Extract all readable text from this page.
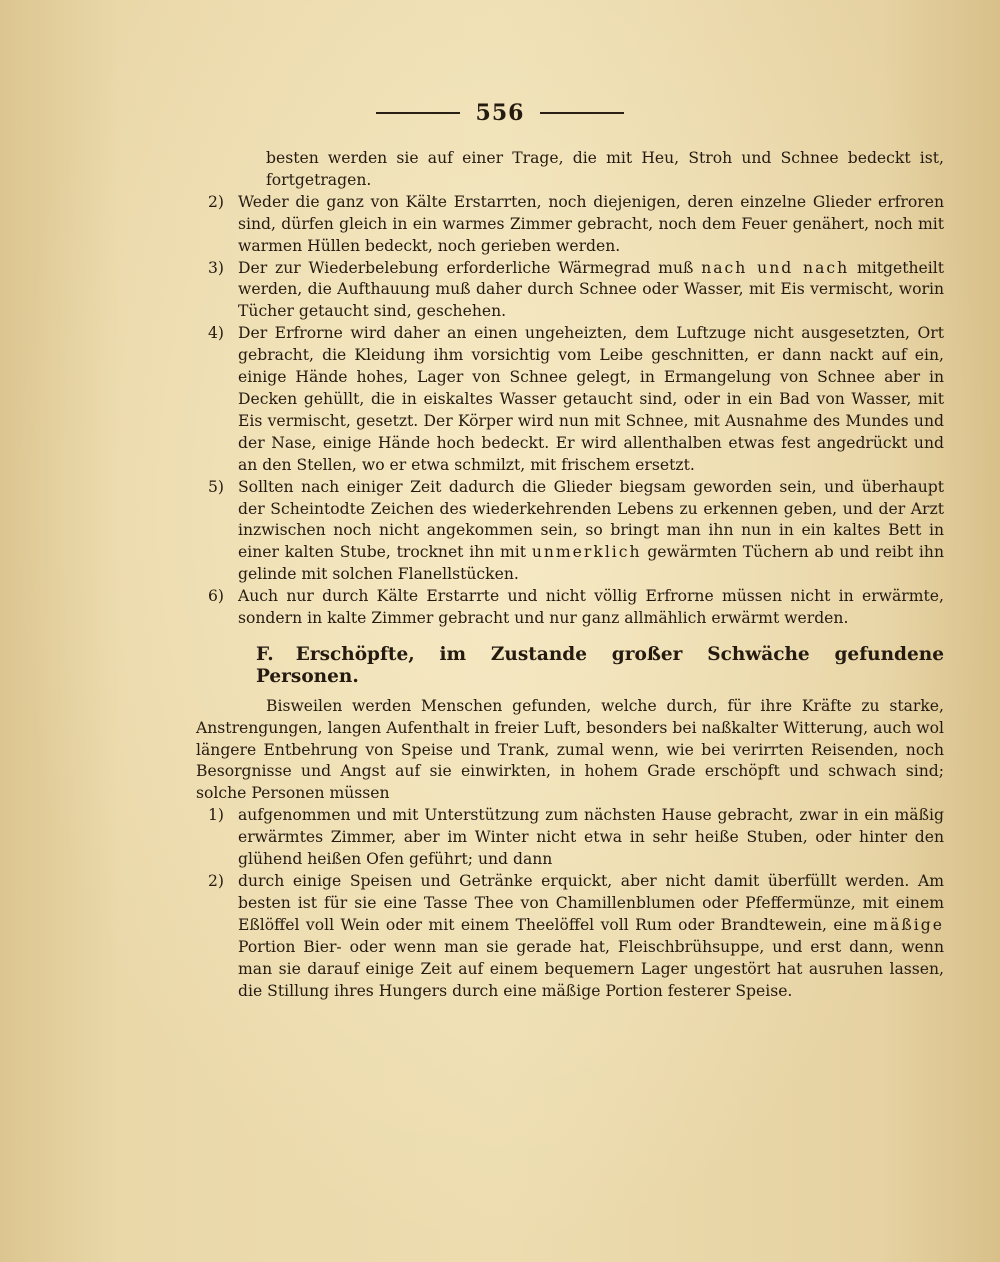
556

besten werden sie auf einer Trage, die mit Heu, Stroh und Schnee bedeckt ist, fortgetragen.

2) Weder die ganz von Kälte Erstarrten, noch diejenigen, deren einzelne Glieder erfroren sind, dürfen gleich in ein warmes Zimmer gebracht, noch dem Feuer genähert, noch mit warmen Hüllen bedeckt, noch gerieben werden.
3) Der zur Wiederbelebung erforderliche Wärmegrad muß nach und nach mitgetheilt werden, die Aufthauung muß daher durch Schnee oder Wasser, mit Eis vermischt, worin Tücher getaucht sind, geschehen.
4) Der Erfrorne wird daher an einen ungeheizten, dem Luftzuge nicht ausgesetzten, Ort gebracht, die Kleidung ihm vorsichtig vom Leibe geschnitten, er dann nackt auf ein, einige Hände hohes, Lager von Schnee gelegt, in Ermangelung von Schnee aber in Decken gehüllt, die in eiskaltes Wasser getaucht sind, oder in ein Bad von Wasser, mit Eis vermischt, gesetzt. Der Körper wird nun mit Schnee, mit Ausnahme des Mundes und der Nase, einige Hände hoch bedeckt. Er wird allenthalben etwas fest angedrückt und an den Stellen, wo er etwa schmilzt, mit frischem ersetzt.
5) Sollten nach einiger Zeit dadurch die Glieder biegsam geworden sein, und überhaupt der Scheintodte Zeichen des wiederkehrenden Lebens zu erkennen geben, und der Arzt inzwischen noch nicht angekommen sein, so bringt man ihn nun in ein kaltes Bett in einer kalten Stube, trocknet ihn mit unmerklich gewärmten Tüchern ab und reibt ihn gelinde mit solchen Flanellstücken.
6) Auch nur durch Kälte Erstarrte und nicht völlig Erfrorne müssen nicht in erwärmte, sondern in kalte Zimmer gebracht und nur ganz allmählich erwärmt werden.
F. Erschöpfte, im Zustande großer Schwäche gefundene Personen.

Bisweilen werden Menschen gefunden, welche durch, für ihre Kräfte zu starke, Anstrengungen, langen Aufenthalt in freier Luft, besonders bei naßkalter Witterung, auch wol längere Entbehrung von Speise und Trank, zumal wenn, wie bei verirrten Reisenden, noch Besorgnisse und Angst auf sie einwirkten, in hohem Grade erschöpft und schwach sind; solche Personen müssen

1) aufgenommen und mit Unterstützung zum nächsten Hause gebracht, zwar in ein mäßig erwärmtes Zimmer, aber im Winter nicht etwa in sehr heiße Stuben, oder hinter den glühend heißen Ofen geführt; und dann
2) durch einige Speisen und Getränke erquickt, aber nicht damit überfüllt werden. Am besten ist für sie eine Tasse Thee von Chamillenblumen oder Pfeffermünze, mit einem Eßlöffel voll Wein oder mit einem Theelöffel voll Rum oder Brandtewein, eine mäßige Portion Bier- oder wenn man sie gerade hat, Fleischbrühsuppe, und erst dann, wenn man sie darauf einige Zeit auf einem bequemern Lager ungestört hat ausruhen lassen, die Stillung ihres Hungers durch eine mäßige Portion festerer Speise.
